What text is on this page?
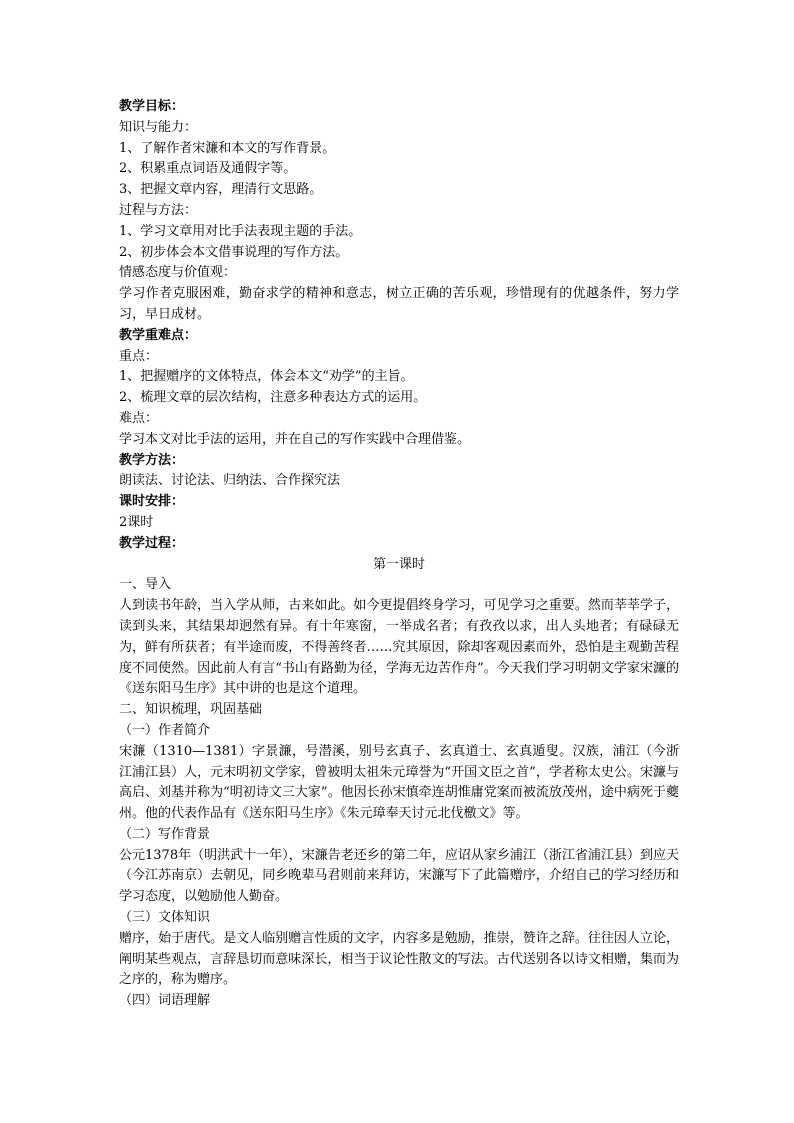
教学目标：

知识与能力：

1、了解作者宋濂和本文的写作背景。

2、积累重点词语及通假字等。

3、把握文章内容，理清行文思路。

过程与方法：

1、学习文章用对比手法表现主题的手法。

2、初步体会本文借事说理的写作方法。

情感态度与价值观：

学习作者克服困难，勤奋求学的精神和意志，树立正确的苦乐观，珍惜现有的优越条件，努力学习，早日成材。

教学重难点：

重点：

1、把握赠序的文体特点，体会本文“劝学”的主旨。

2、梳理文章的层次结构，注意多种表达方式的运用。

难点：

学习本文对比手法的运用，并在自己的写作实践中合理借鉴。

教学方法：

朗读法、讨论法、归纳法、合作探究法

课时安排：

2课时

教学过程：

第一课时

一、导入

人到读书年龄，当入学从师，古来如此。如今更提倡终身学习，可见学习之重要。然而莘莘学子，读到头来，其结果却迥然有异。有十年寒窗，一举成名者；有孜孜以求，出人头地者；有碌碌无为，鲜有所获者；有半途而废，不得善终者……究其原因，除却客观因素而外，恐怕是主观勤苦程度不同使然。因此前人有言“书山有路勤为径，学海无边苦作舟”。今天我们学习明朝文学家宋濂的《送东阳马生序》其中讲的也是这个道理。

二、知识梳理，巩固基础

（一）作者简介

宋濂（1310—1381）字景濂，号潜溪，别号玄真子、玄真道士、玄真遁叟。汉族，浦江（今浙江浦江县）人，元末明初文学家，曾被明太祖朱元璋誉为“开国文臣之首”，学者称太史公。宋濂与高启、刘基并称为“明初诗文三大家”。他因长孙宋慎牵连胡惟庸党案而被流放茂州，途中病死于夔州。他的代表作品有《送东阳马生序》《朱元璋奉天讨元北伐檄文》等。

（二）写作背景

公元1378年（明洪武十一年），宋濂告老还乡的第二年，应诏从家乡浦江（浙江省浦江县）到应天（今江苏南京）去朝见，同乡晚辈马君则前来拜访，宋濂写下了此篇赠序，介绍自己的学习经历和学习态度，以勉励他人勤奋。

（三）文体知识

赠序，始于唐代。是文人临别赠言性质的文字，内容多是勉励，推崇，赞许之辞。往往因人立论，阐明某些观点，言辞恳切而意味深长，相当于议论性散文的写法。古代送别各以诗文相赠，集而为之序的，称为赠序。

（四）词语理解
